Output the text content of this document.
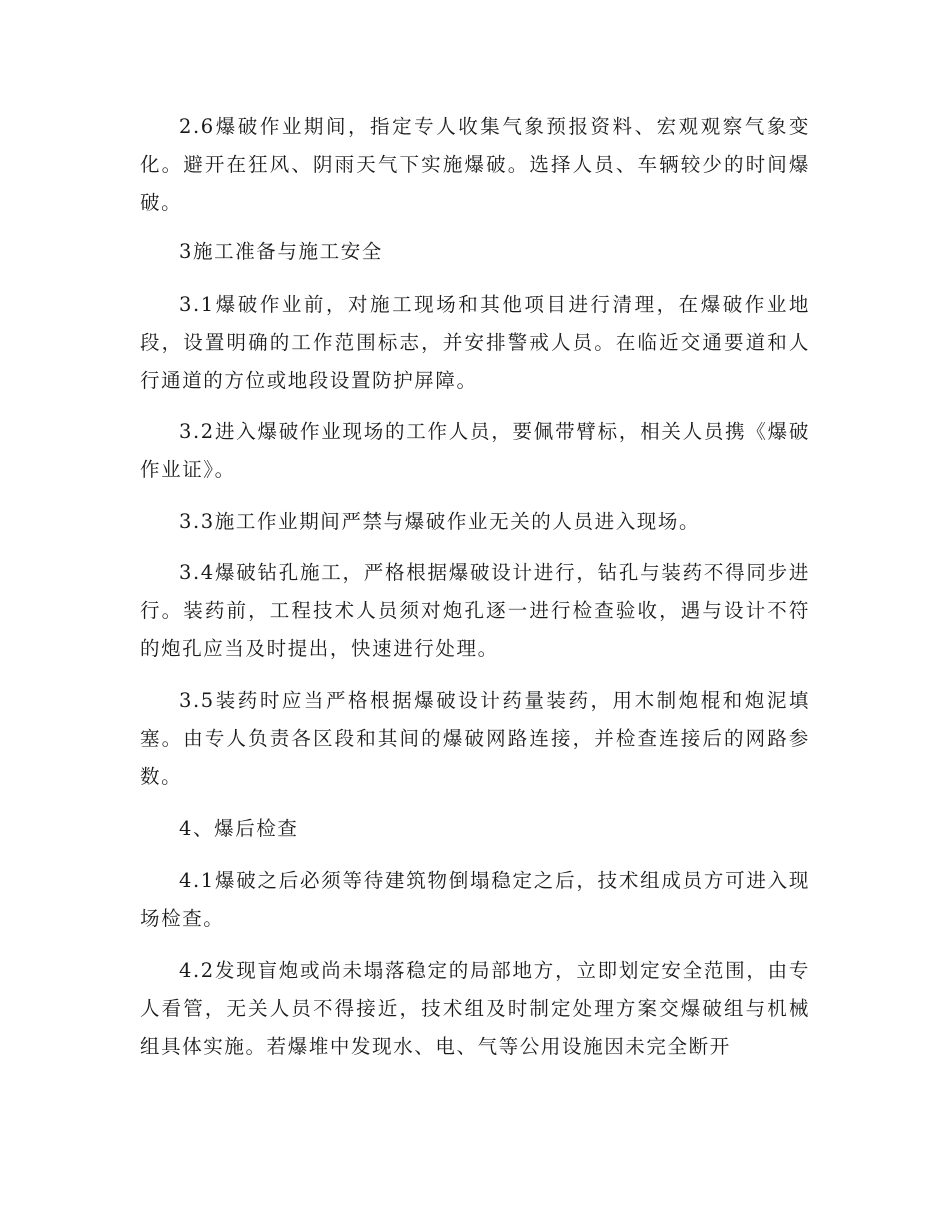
2.6爆破作业期间，指定专人收集气象预报资料、宏观观察气象变化。避开在狂风、阴雨天气下实施爆破。选择人员、车辆较少的时间爆破。

3施工准备与施工安全

3.1爆破作业前，对施工现场和其他项目进行清理，在爆破作业地段，设置明确的工作范围标志，并安排警戒人员。在临近交通要道和人行通道的方位或地段设置防护屏障。

3.2进入爆破作业现场的工作人员，要佩带臂标，相关人员携《爆破作业证》。

3.3施工作业期间严禁与爆破作业无关的人员进入现场。

3.4爆破钻孔施工，严格根据爆破设计进行，钻孔与装药不得同步进行。装药前，工程技术人员须对炮孔逐一进行检查验收，遇与设计不符的炮孔应当及时提出，快速进行处理。

3.5装药时应当严格根据爆破设计药量装药，用木制炮棍和炮泥填塞。由专人负责各区段和其间的爆破网路连接，并检查连接后的网路参数。

4、爆后检查

4.1爆破之后必须等待建筑物倒塌稳定之后，技术组成员方可进入现场检查。

4.2发现盲炮或尚未塌落稳定的局部地方，立即划定安全范围，由专人看管，无关人员不得接近，技术组及时制定处理方案交爆破组与机械组具体实施。若爆堆中发现水、电、气等公用设施因未完全断开
